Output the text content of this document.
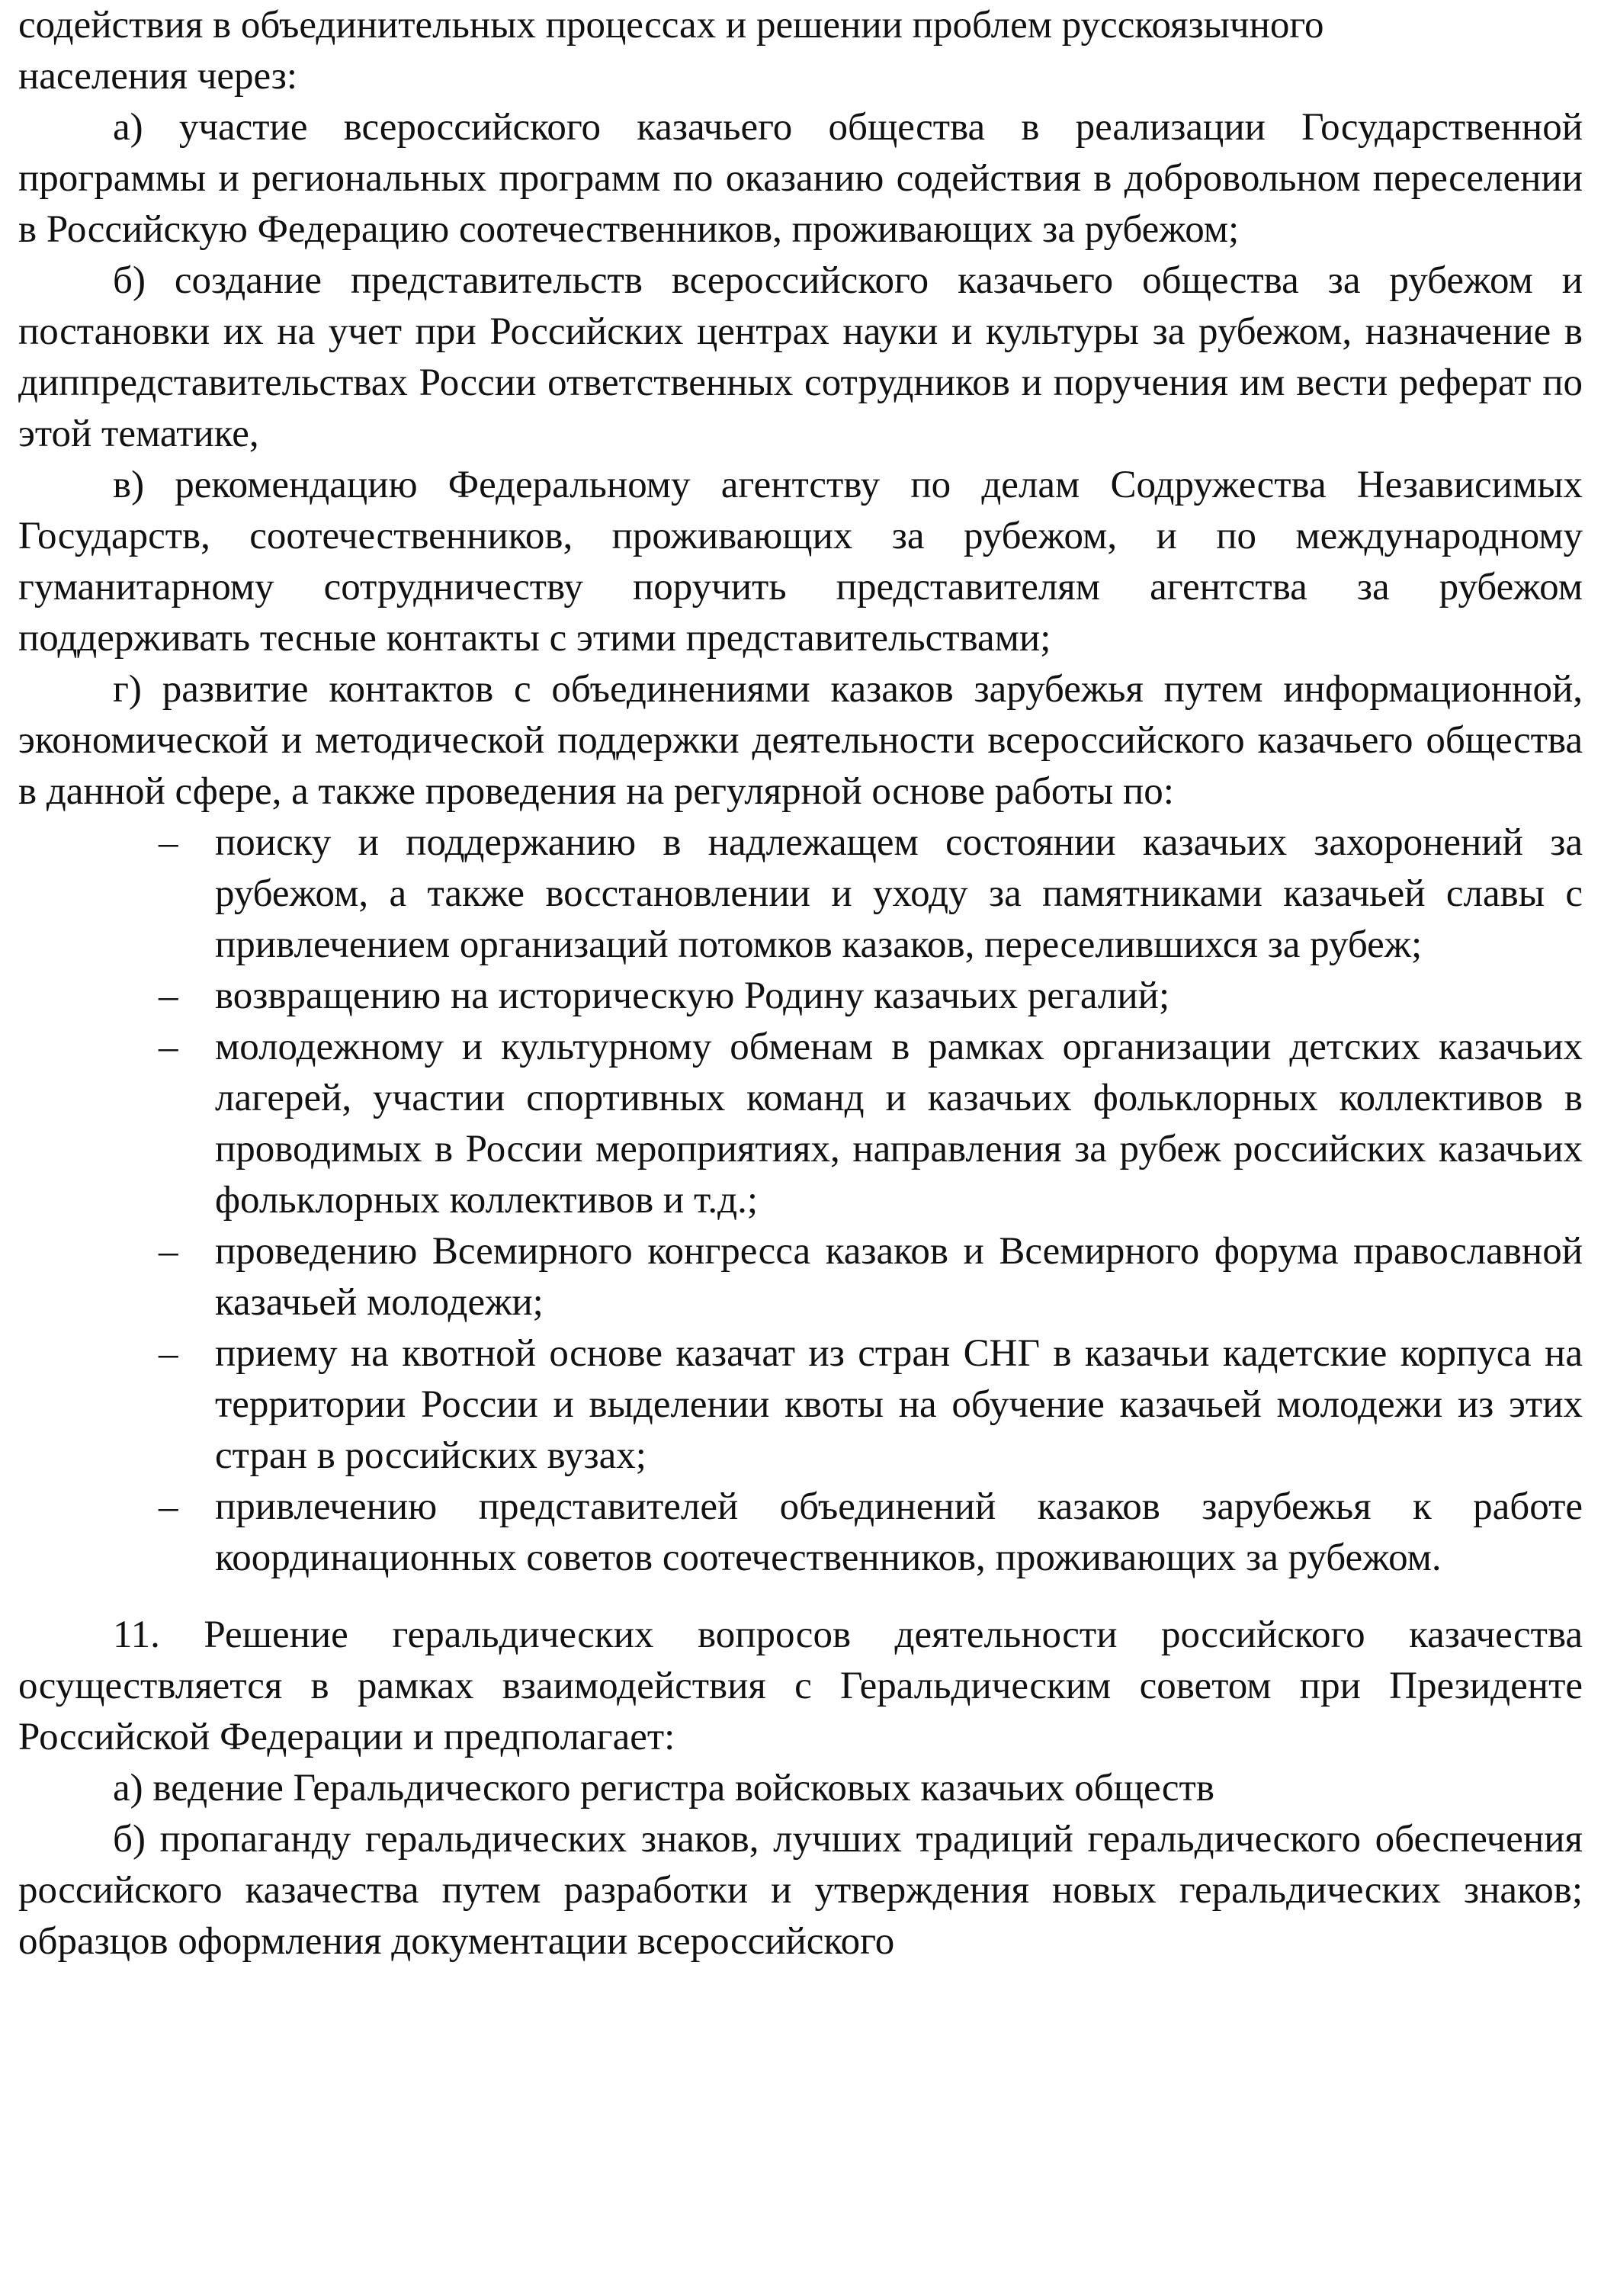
содействия в объединительных процессах и решении проблем русскоязычного

населения через:

а) участие всероссийского казачьего общества в реализации Государственной программы и региональных программ по оказанию содействия в добровольном переселении в Российскую Федерацию соотечественников, проживающих за рубежом;

б) создание представительств всероссийского казачьего общества за рубежом и постановки их на учет при Российских центрах науки и культуры за рубежом, назначение в диппредставительствах России ответственных сотрудников и поручения им вести реферат по этой тематике,

в) рекомендацию Федеральному агентству по делам Содружества Независимых Государств, соотечественников, проживающих за рубежом, и по международному гуманитарному сотрудничеству поручить представителям агентства за рубежом поддерживать тесные контакты с этими представительствами;

г) развитие контактов с объединениями казаков зарубежья путем информационной, экономической и методической поддержки деятельности всероссийского казачьего общества в данной сфере, а также проведения на регулярной основе работы по:

– поиску и поддержанию в надлежащем состоянии казачьих захоронений за рубежом, а также восстановлении и уходу за памятниками казачьей славы с привлечением организаций потомков казаков, переселившихся за рубеж;
– возвращению на историческую Родину казачьих регалий;
– молодежному и культурному обменам в рамках организации детских казачьих лагерей, участии спортивных команд и казачьих фольклорных коллективов в проводимых в России мероприятиях, направления за рубеж российских казачьих фольклорных коллективов и т.д.;
– проведению Всемирного конгресса казаков и Всемирного форума православной казачьей молодежи;
– приему на квотной основе казачат из стран СНГ в казачьи кадетские корпуса на территории России и выделении квоты на обучение казачьей молодежи из этих стран в российских вузах;
– привлечению представителей объединений казаков зарубежья к работе координационных советов соотечественников, проживающих за рубежом.

11. Решение геральдических вопросов деятельности российского казачества осуществляется в рамках взаимодействия с Геральдическим советом при Президенте Российской Федерации и предполагает:

а) ведение Геральдического регистра войсковых казачьих обществ

б) пропаганду геральдических знаков, лучших традиций геральдического обеспечения российского казачества путем разработки и утверждения новых геральдических знаков; образцов оформления документации всероссийского
